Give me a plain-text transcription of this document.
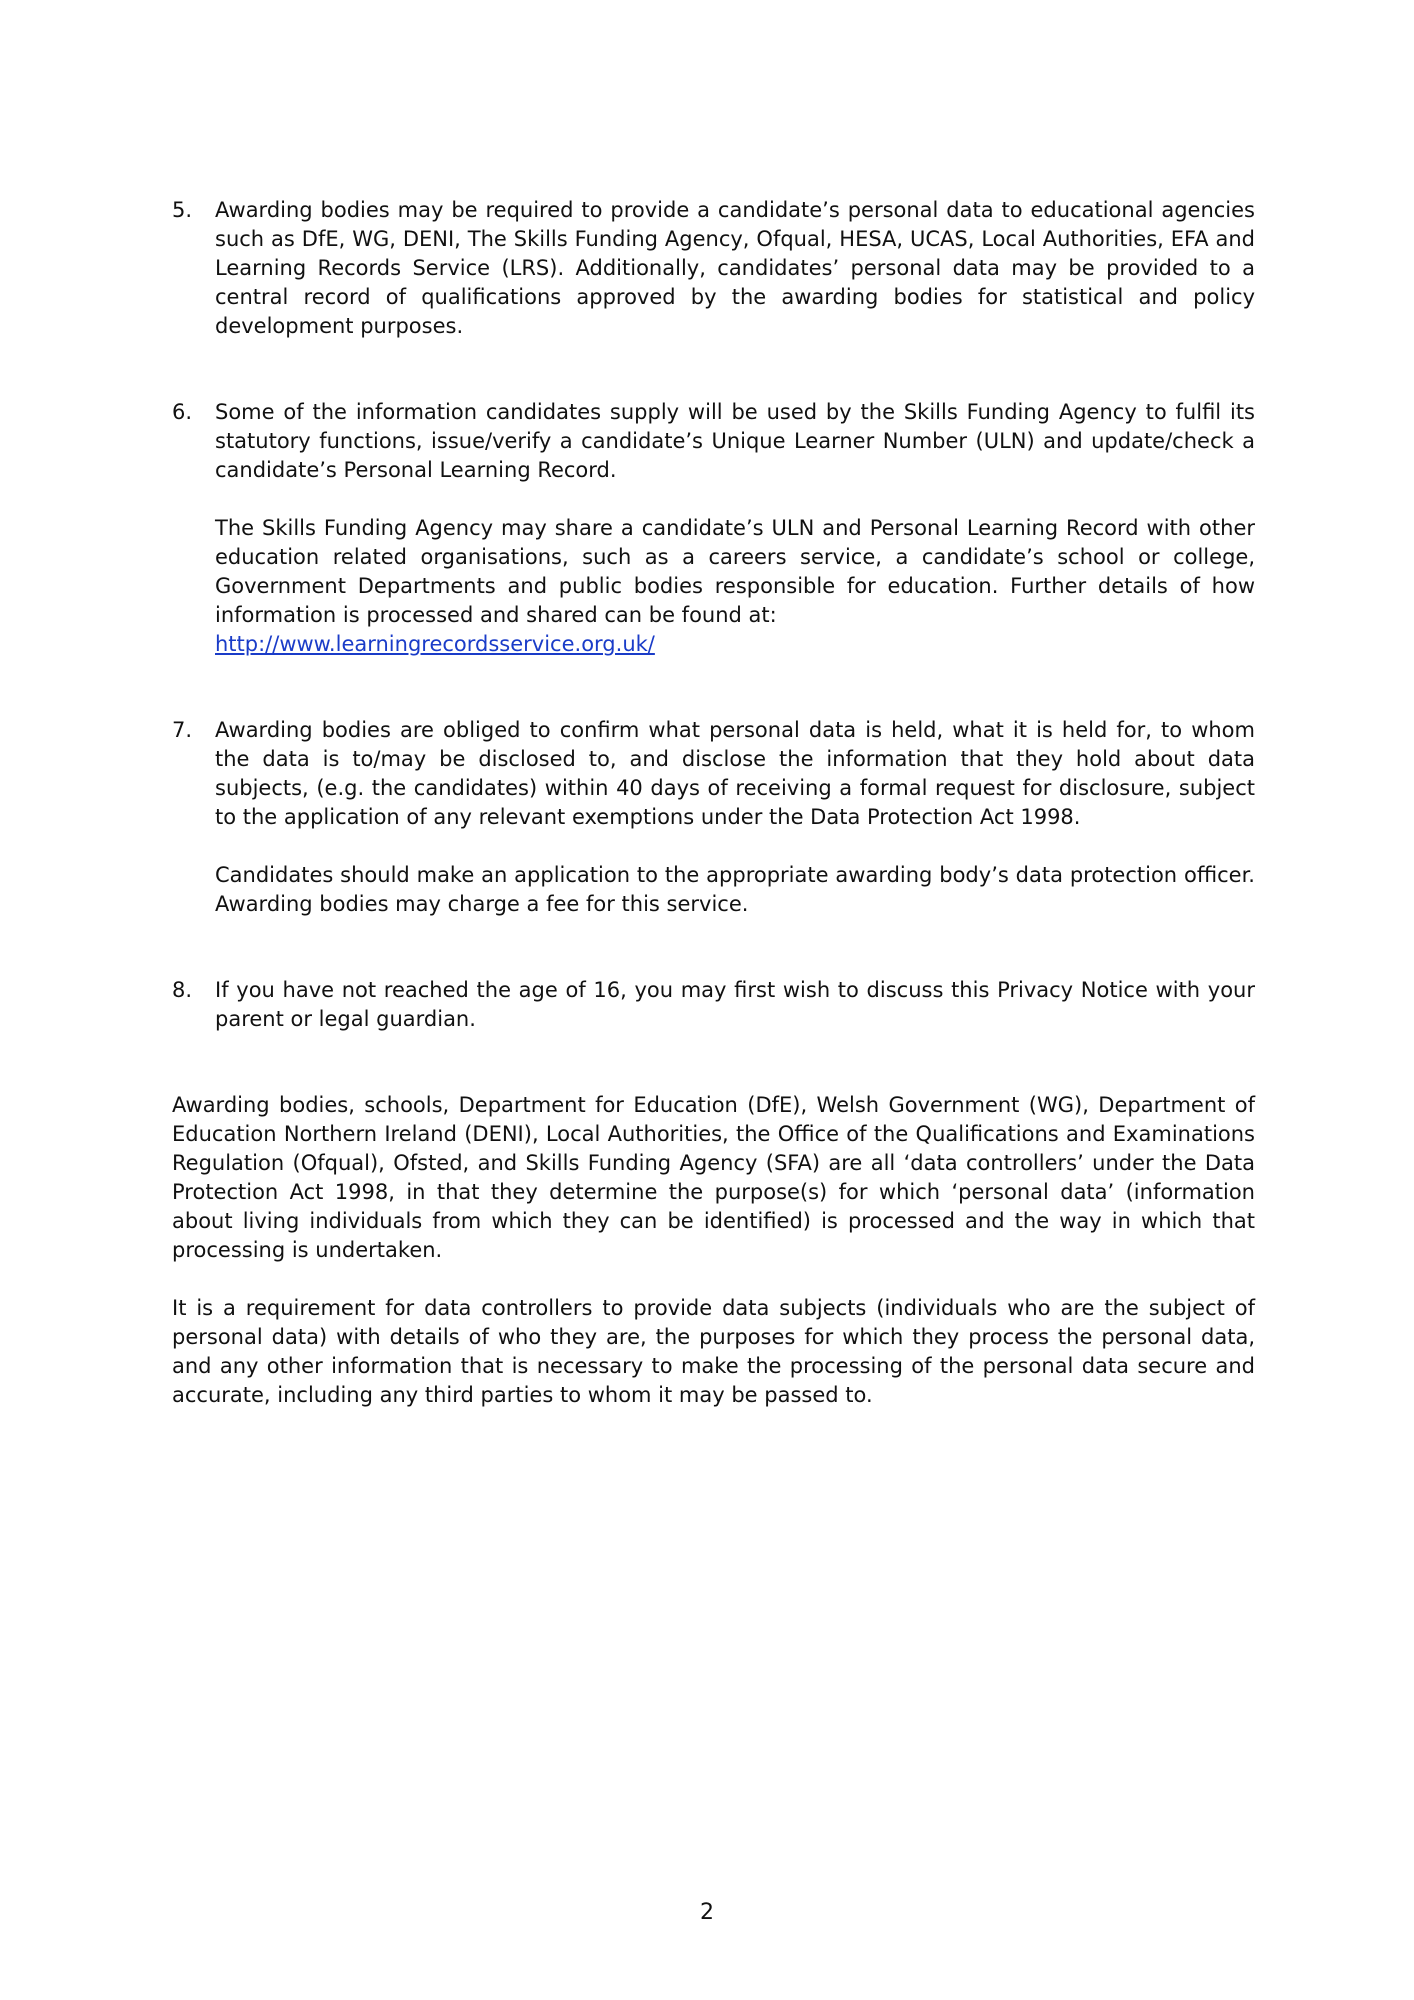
5. Awarding bodies may be required to provide a candidate’s personal data to educational agencies such as DfE, WG, DENI, The Skills Funding Agency, Ofqual, HESA, UCAS, Local Authorities, EFA and Learning Records Service (LRS). Additionally, candidates’ personal data may be provided to a central record of qualifications approved by the awarding bodies for statistical and policy development purposes.

6. Some of the information candidates supply will be used by the Skills Funding Agency to fulfil its statutory functions, issue/verify a candidate’s Unique Learner Number (ULN) and update/check a candidate’s Personal Learning Record.

The Skills Funding Agency may share a candidate’s ULN and Personal Learning Record with other education related organisations, such as a careers service, a candidate’s school or college, Government Departments and public bodies responsible for education. Further details of how information is processed and shared can be found at:
http://www.learningrecordsservice.org.uk/

7. Awarding bodies are obliged to confirm what personal data is held, what it is held for, to whom the data is to/may be disclosed to, and disclose the information that they hold about data subjects, (e.g. the candidates) within 40 days of receiving a formal request for disclosure, subject to the application of any relevant exemptions under the Data Protection Act 1998.

Candidates should make an application to the appropriate awarding body’s data protection officer. Awarding bodies may charge a fee for this service.

8. If you have not reached the age of 16, you may first wish to discuss this Privacy Notice with your parent or legal guardian.

Awarding bodies, schools, Department for Education (DfE), Welsh Government (WG), Department of Education Northern Ireland (DENI), Local Authorities, the Office of the Qualifications and Examinations Regulation (Ofqual), Ofsted, and Skills Funding Agency (SFA) are all ‘data controllers’ under the Data Protection Act 1998, in that they determine the purpose(s) for which ‘personal data’ (information about living individuals from which they can be identified) is processed and the way in which that processing is undertaken.

It is a requirement for data controllers to provide data subjects (individuals who are the subject of personal data) with details of who they are, the purposes for which they process the personal data, and any other information that is necessary to make the processing of the personal data secure and accurate, including any third parties to whom it may be passed to.

2
